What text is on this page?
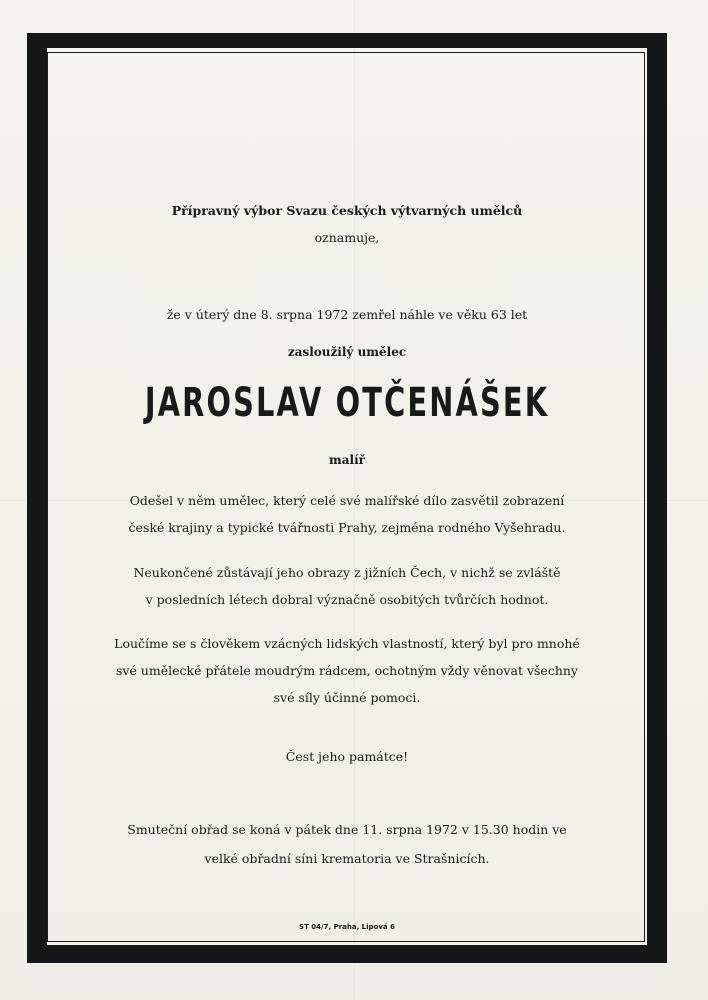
Přípravný výbor Svazu českých výtvarných umělců
oznamuje,
že v úterý dne 8. srpna 1972 zemřel náhle ve věku 63 let
zasloužilý umělec
JAROSLAV OTČENÁŠEK
malíř
Odešel v něm umělec, který celé své malířské dílo zasvětil zobrazení
české krajiny a typické tvářnosti Prahy, zejména rodného Vyšehradu.
Neukončené zůstávají jeho obrazy z jižních Čech, v nichž se zvláště
v posledních létech dobral význačně osobitých tvůrčích hodnot.
Loučíme se s člověkem vzácných lidských vlastností, který byl pro mnohé
své umělecké přátele moudrým rádcem, ochotným vždy věnovat všechny
své síly účinné pomoci.
Čest jeho památce!
Smuteční obřad se koná v pátek dne 11. srpna 1972 v 15.30 hodin ve
velké obřadní síni krematoria ve Strašnicích.
ST 04/7, Praha, Lipová 6
